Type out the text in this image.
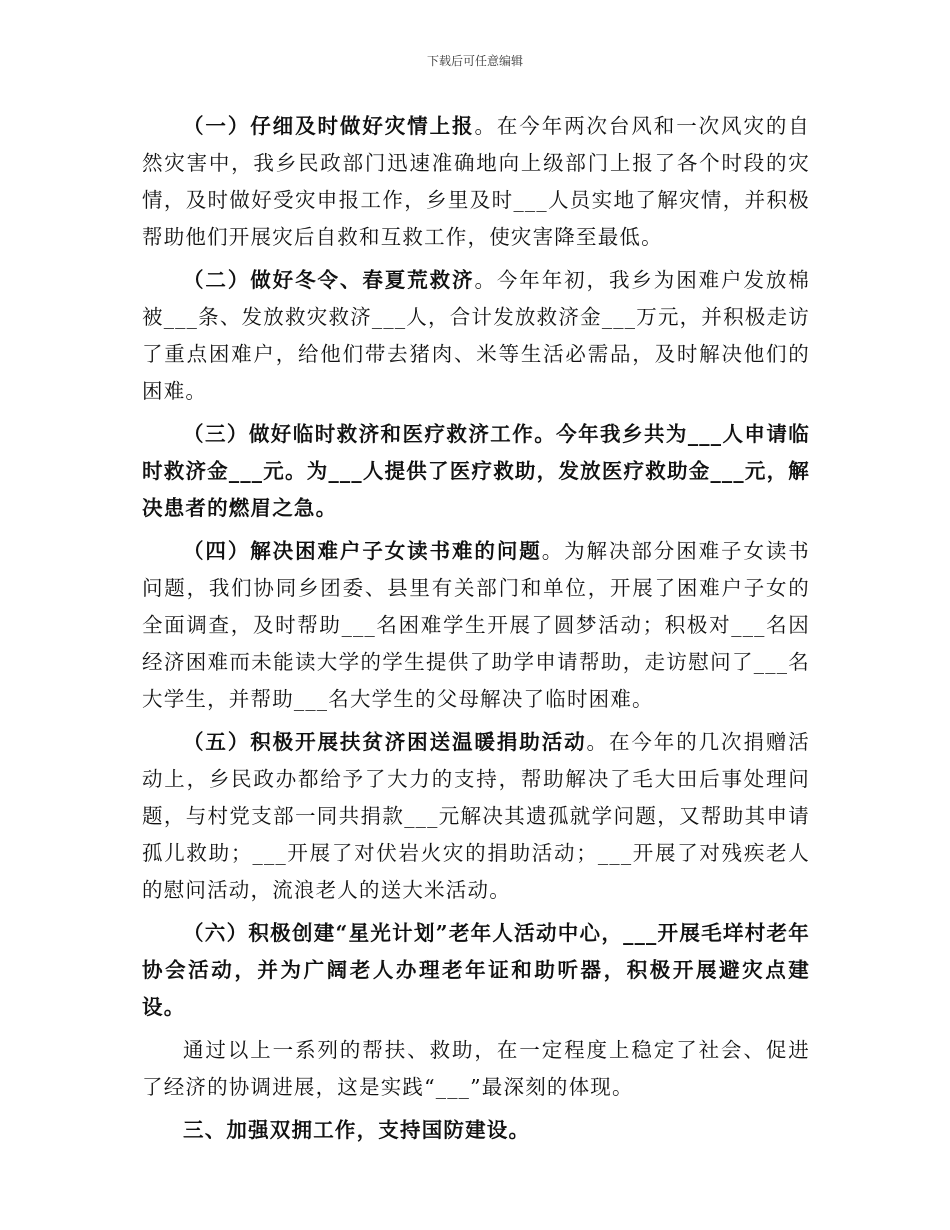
下载后可任意编辑

（一）仔细及时做好灾情上报。在今年两次台风和一次风灾的自然灾害中，我乡民政部门迅速准确地向上级部门上报了各个时段的灾情，及时做好受灾申报工作，乡里及时___人员实地了解灾情，并积极帮助他们开展灾后自救和互救工作，使灾害降至最低。

（二）做好冬令、春夏荒救济。今年年初，我乡为困难户发放棉被___条、发放救灾救济___人，合计发放救济金___万元，并积极走访了重点困难户，给他们带去猪肉、米等生活必需品，及时解决他们的困难。

（三）做好临时救济和医疗救济工作。今年我乡共为___人申请临时救济金___元。为___人提供了医疗救助，发放医疗救助金___元，解决患者的燃眉之急。

（四）解决困难户子女读书难的问题。为解决部分困难子女读书问题，我们协同乡团委、县里有关部门和单位，开展了困难户子女的全面调查，及时帮助___名困难学生开展了圆梦活动；积极对___名因经济困难而未能读大学的学生提供了助学申请帮助，走访慰问了___名大学生，并帮助___名大学生的父母解决了临时困难。

（五）积极开展扶贫济困送温暖捐助活动。在今年的几次捐赠活动上，乡民政办都给予了大力的支持，帮助解决了毛大田后事处理问题，与村党支部一同共捐款___元解决其遗孤就学问题，又帮助其申请孤儿救助；___开展了对伏岩火灾的捐助活动；___开展了对残疾老人的慰问活动，流浪老人的送大米活动。

（六）积极创建“星光计划”老年人活动中心，___开展毛垟村老年协会活动，并为广阔老人办理老年证和助听器，积极开展避灾点建设。

通过以上一系列的帮扶、救助，在一定程度上稳定了社会、促进了经济的协调进展，这是实践“___”最深刻的体现。

三、加强双拥工作，支持国防建设。
